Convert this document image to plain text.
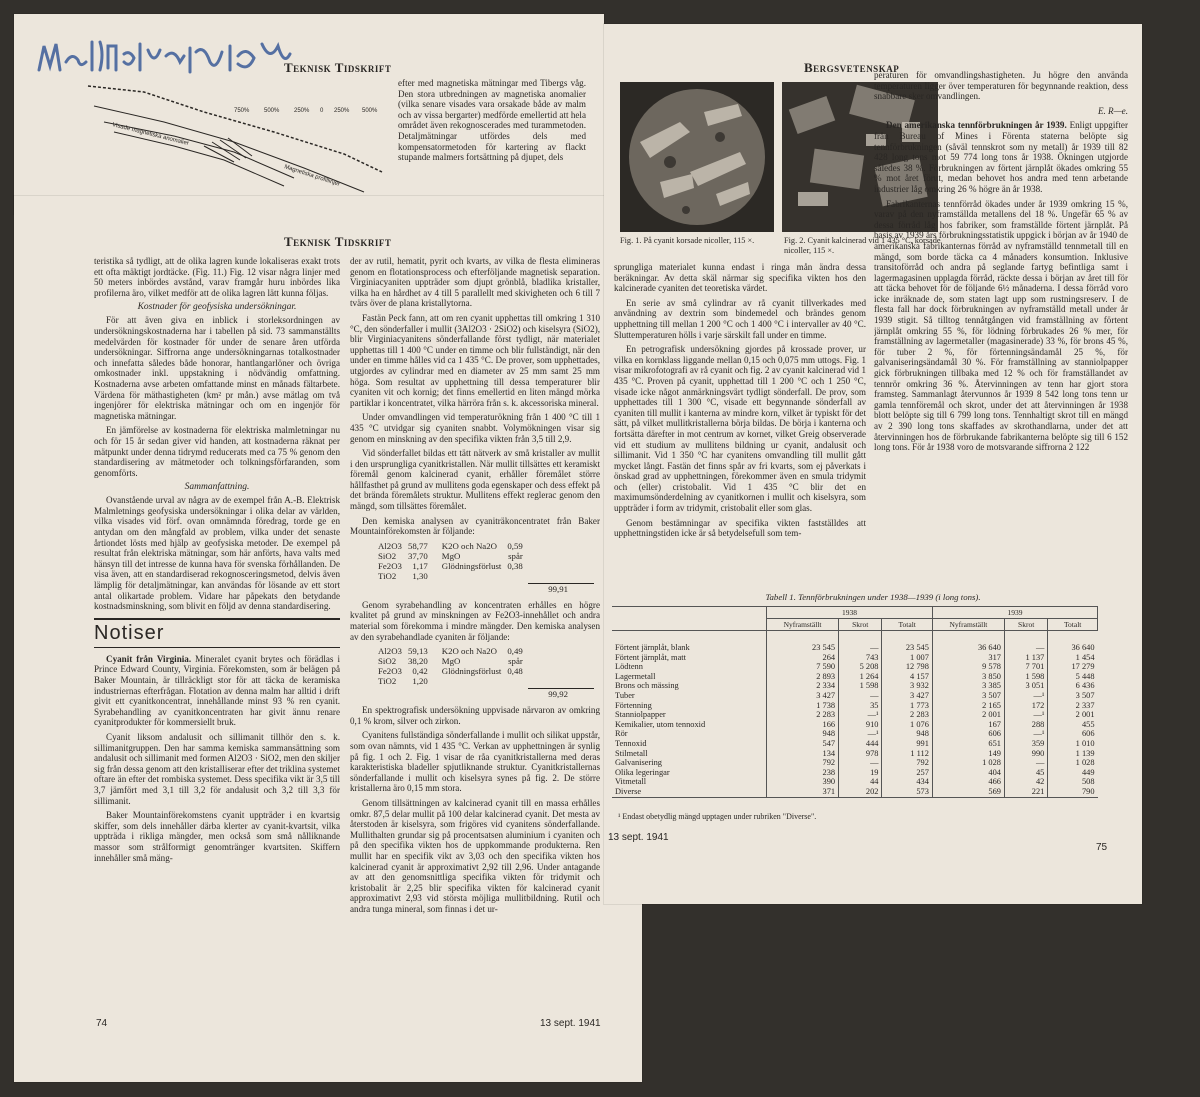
Teknisk Tidskrift
Visade magnetiska anomalier
Magnetiska profillinjer
750% 500% 250% 0 250% 500%

efter med magnetiska mätningar med Tibergs våg. Den stora utbredningen av magnetiska anomalier (vilka senare visades vara orsakade både av malm och av vissa bergarter) medförde emellertid att hela området även rekognoscerades med turammetoden. Detaljmätningar utfördes dels med kompensatormetoden för kartering av flackt stupande malmers fortsättning på djupet, dels

Teknisk Tidskrift

teristika så tydligt, att de olika lagren kunde lokaliseras exakt trots ett ofta mäktigt jordtäcke. (Fig. 11.) Fig. 12 visar några linjer med 50 meters inbördes avstånd, varav framgår huru inbördes lika profilerna äro, vilket medför att de olika lagren lätt kunna följas.

Kostnader för geofysiska undersökningar.

För att även giva en inblick i storleksordningen av undersökningskostnaderna har i tabellen på sid. 73 sammanställts medelvärden för kostnader för under de senare åren utförda undersökningar. Siffrorna ange undersökningarnas totalkostnader och innefatta således både honorar, hantlangarlöner och övriga omkostnader inkl. uppstakning i nödvändig omfattning. Kostnaderna avse arbeten omfattande minst en månads fältarbete. Värdena för mäthastigheten (km² pr mån.) avse mätlag om två ingenjörer för elektriska mätningar och om en ingenjör för magnetiska mätningar.

En jämförelse av kostnaderna för elektriska malmletningar nu och för 15 år sedan giver vid handen, att kostnaderna räknat per mätpunkt under denna tidrymd reducerats med ca 75 % genom den standardisering av mätmetoder och tolkningsförfaranden, som genomförts.

Sammanfattning.

Ovanstående urval av några av de exempel från A.-B. Elektrisk Malmletnings geofysiska undersökningar i olika delar av världen, vilka visades vid förf. ovan omnämnda föredrag, torde ge en antydan om den mångfald av problem, vilka under det senaste årtiondet lösts med hjälp av geofysiska metoder. De exempel på resultat från elektriska mätningar, som här anförts, hava valts med hänsyn till det intresse de kunna hava för svenska förhållanden. De visa även, att en standardiserad rekognosceringsmetod, delvis även lämplig för detaljmätningar, kan användas för lösande av ett stort antal olikartade problem. Vidare har påpekats den betydande kostnadsminskning, som blivit en följd av denna standardisering.

Notiser

Cyanit från Virginia. Mineralet cyanit brytes och förädlas i Prince Edward County, Virginia. Förekomsten, som är belägen på Baker Mountain, är tillräckligt stor för att täcka de keramiska industriernas efterfrågan. Flotation av denna malm har alltid i drift givit ett cyanitkoncentrat, innehållande minst 93 % ren cyanit. Syrabehandling av cyanitkoncentraten har givit ännu renare cyanitprodukter för kommersiellt bruk.

Cyanit liksom andalusit och sillimanit tillhör den s. k. sillimanitgruppen. Den har samma kemiska sammansättning som andalusit och sillimanit med formen Al2O3 · SiO2, men den skiljer sig från dessa genom att den kristalliserar efter det triklina systemet oftare än efter det rombiska systemet. Dess specifika vikt är 3,5 till 3,7 jämfört med 3,1 till 3,2 för andalusit och 3,2 till 3,3 för sillimanit.

Baker Mountainförekomstens cyanit uppträder i en kvartsig skiffer, som dels innehåller därba klerter av cyanit-kvartsit, vilka uppträda i rikliga mängder, men också som små nålliknande massor som strålformigt genomtränger kvartsiten. Skiffern innehåller små mäng-

der av rutil, hematit, pyrit och kvarts, av vilka de flesta elimineras genom en flotationsprocess och efterföljande magnetisk separation. Virginiacyaniten uppträder som djupt grönblå, bladlika kristaller, vilka ha en hårdhet av 4 till 5 parallellt med skivigheten och 6 till 7 tvärs över de plana kristallytorna.

Fastän Peck fann, att om ren cyanit upphettas till omkring 1 310 °C, den sönderfaller i mullit (3Al2O3 · 2SiO2) och kiselsyra (SiO2), blir Virginiacyanitens sönderfallande först tydligt, när materialet upphettas till 1 400 °C under en timme och blir fullständigt, när den under en timme hålles vid ca 1 435 °C. De prover, som upphettades, utgjordes av cylindrar med en diameter av 25 mm samt 25 mm höga. Som resultat av upphettning till dessa temperaturer blir cyaniten vit och kornig; det finns emellertid en liten mängd mörka partiklar i koncentratet, vilka härröra från s. k. akcessoriska mineral.

Under omvandlingen vid temperaturökning från 1 400 °C till 1 435 °C utvidgar sig cyaniten snabbt. Volymökningen visar sig genom en minskning av den specifika vikten från 3,5 till 2,9.

Vid sönderfallet bildas ett tätt nätverk av små kristaller av mullit i den ursprungliga cyanitkristallen. När mullit tillsättes ett keramiskt föremål genom kalcinerad cyanit, erhåller föremålet större hållfasthet på grund av mullitens goda egenskaper och dess effekt på det brända föremålets struktur. Mullitens effekt reglerас genom den mängd, som tillsättes föremålet.

Den kemiska analysen av cyaniträkoncentratet från Baker Mountainförekomsten är följande:

Al2O3	58,77	K2O och Na2O	0,59
SiO2	37,70	MgO	spår
Fe2O3	1,17	Glödningsförlust	0,38
TiO2	1,30		
99,91

Genom syrabehandling av koncentraten erhålles en högre kvalitet på grund av minskningen av Fe2O3-innehållet och andra material som förekomma i mindre mängder. Den kemiska analysen av den syrabehandlade cyaniten är följande:

Al2O3	59,13	K2O och Na2O	0,49
SiO2	38,20	MgO	spår
Fe2O3	0,42	Glödningsförlust	0,48
TiO2	1,20		
99,92

En spektrografisk undersökning uppvisade närvaron av omkring 0,1 % krom, silver och zirkon.

Cyanitens fullständiga sönderfallande i mullit och silikat uppstår, som ovan nämnts, vid 1 435 °C. Verkan av upphettningen är synlig på fig. 1 och 2. Fig. 1 visar de råa cyanitkristallerna med deras karakteristiska bladeller spjutliknande struktur. Cyanitkristallernas sönderfallande i mullit och kiselsyra synes på fig. 2. De större kristallerna äro 0,15 mm stora.

Genom tillsättningen av kalcinerad cyanit till en massa erhålles omkr. 87,5 delar mullit på 100 delar kalcinerad cyanit. Det mesta av återstoden är kiselsyra, som frigöres vid cyanitens sönderfallande. Mullithalten grundar sig på procentsatsen aluminium i cyaniten och på den specifika vikten hos de uppkommande produkterna. Ren mullit har en specifik vikt av 3,03 och den specifika vikten hos kalcinerad cyanit är approximativt 2,92 till 2,96. Under antagande av att den genomsnittliga specifika vikten för tridymit och kristobalit är 2,25 blir specifika vikten för kalcinerad cyanit approximativt 2,93 vid största möjliga mullitbildning. Rutil och andra tunga mineral, som finnas i det ur-

74	13 sept. 1941
Bergsvetenskap
Fig. 1. På cyanit korsade nicoller, 115 ×.	Fig. 2. Cyanit kalcinerad vid 1 435 °C, korsade nicoller, 115 ×.

sprungliga materialet kunna endast i ringa mån ändra dessa beräkningar. Av detta skäl närmar sig specifika vikten hos den kalcinerade cyaniten det teoretiska värdet.

En serie av små cylindrar av rå cyanit tillverkades med användning av dextrin som bindemedel och brändes genom upphettning till mellan 1 200 °C och 1 400 °C i intervaller av 40 °C. Sluttemperaturen hölls i varje särskilt fall under en timme.

En petrografisk undersökning gjordes på krossade prover, ur vilka en kornklass liggande mellan 0,15 och 0,075 mm uttogs. Fig. 1 visar mikrofotografi av rå cyanit och fig. 2 av cyanit kalcinerad vid 1 435 °C. Proven på cyanit, upphettad till 1 200 °C och 1 250 °C, visade icke något anmärkningsvärt tydligt sönderfall. De prov, som upphettades till 1 300 °C, visade ett begynnande sönderfall av cyaniten till mullit i kanterna av mindre korn, vilket är typiskt för det sätt, på vilket mullitkristallerna börja bildas. De börja i kanterna och fortsätta därefter in mot centrum av kornet, vilket Greig observerade vid ett studium av mullitens bildning ur cyanit, andalusit och sillimanit. Vid 1 350 °C har cyanitens omvandling till mullit gått mycket långt. Fastän det finns spår av fri kvarts, som ej påverkats i önskad grad av upphettningen, förekommer även en smula tridymit och (eller) cristobalit. Vid 1 435 °C blir det en maximumsönderdelning av cyanitkornen i mullit och kiselsyra, som uppträder i form av tridymit, cristobalit eller som glas.

Genom bestämningar av specifika vikten fastställdes att upphettningstiden icke är så betydelsefull som tem-

peraturen för omvandlingshastigheten. Ju högre den använda temperaturen ligger över temperaturen för begynnande reaktion, dess snabbare sker omvandlingen.

E. R—e.

Den amerikanska tennförbrukningen år 1939. Enligt uppgifter från Bureau of Mines i Förenta staterna belöpte sig tennförbrukningen (såväl tennskrot som ny metall) år 1939 till 82 428 long tons mot 59 774 long tons år 1938. Ökningen utgjorde således 38 %. Förbrukningen av förtent järnplåt ökades omkring 55 % mot året förut, medan behovet hos andra med tenn arbetande industrier låg omkring 26 % högre än år 1938.

Fabrikanternas tennförråd ökades under år 1939 omkring 15 %, varav på den nyframställda metallens del 18 %. Ungefär 65 % av dessa förråd låg hos fabriker, som framställde förtent järnplåt. På basis av 1939 års förbrukningsstatistik uppgick i början av år 1940 de amerikanska fabrikanternas förråd av nyframställd tennmetall till en mängd, som borde täcka ca 4 månaders konsumtion. Inklusive transitoförråd och andra på seglande fartyg befintliga samt i lagermagasinen upplagda förråd, räckte dessa i början av året till för att täcka behovet för de följande 6½ månaderna. I dessa förråd voro icke inräknade de, som staten lagt upp som rustningsreserv. I de flesta fall har dock förbrukningen av nyframställd metall under år 1939 stigit. Så tilltog tennåtgången vid framställning av förtent järnplåt omkring 55 %, för lödning förbrukades 26 % mer, för framställning av lagermetaller (magasinerade) 33 %, för brons 45 %, för tuber 2 %, för förtenningsändamål 25 %, för galvaniseringsändamål 30 %. För framställning av stanniolpapper gick förbrukningen tillbaka med 12 % och för framställandet av tennrör omkring 36 %. Återvinningen av tenn har gjort stora framsteg. Sammanlagt återvunnos år 1939 8 542 long tons tenn ur gamla tennföremål och skrot, under det att återvinningen år 1938 blott belöpte sig till 6 799 long tons. Tennhaltigt skrot till en mängd av 2 390 long tons skaffades av skrothandlarna, under det att återvinningen hos de förbrukande fabrikanterna belöpte sig till 6 152 long tons. För år 1938 voro de motsvarande siffrorna 2 122

Tabell 1. Tennförbrukningen under 1938—1939 (i long tons).
	1938			1939		
	Nyframställt	Skrot	Totalt	Nyframställt	Skrot	Totalt
Förtent järnplåt, blank	23 545	—	23 545	36 640	—	36 640
Förtent järnplåt, matt	264	743	1 007	317	1 137	1 454
Lödtenn	7 590	5 208	12 798	9 578	7 701	17 279
Lagermetall	2 893	1 264	4 157	3 850	1 598	5 448
Brons och mässing	2 334	1 598	3 932	3 385	3 051	6 436
Tuber	3 427	—	3 427	3 507	—¹	3 507
Förtenning	1 738	35	1 773	2 165	172	2 337
Stanniolpapper	2 283	—¹	2 283	2 001	—¹	2 001
Kemikalier, utom tennoxid	166	910	1 076	167	288	455
Rör	948	—¹	948	606	—¹	606
Tennoxid	547	444	991	651	359	1 010
Stilmetall	134	978	1 112	149	990	1 139
Galvanisering	792	—	792	1 028	—	1 028
Olika legeringar	238	19	257	404	45	449
Vitmetall	390	44	434	466	42	508
Diverse	371	202	573	569	221	790
¹ Endast obetydlig mängd upptagen under rubriken "Diverse".
13 sept. 1941
75
